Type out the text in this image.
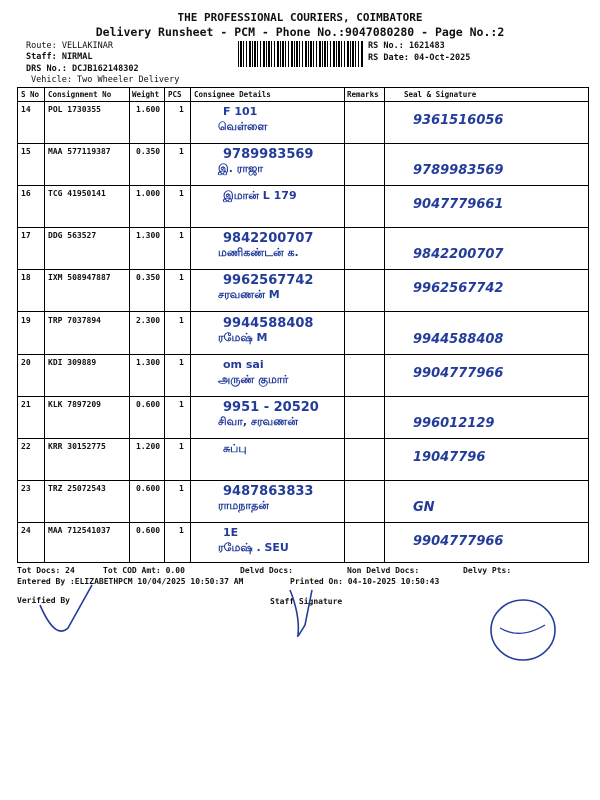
THE PROFESSIONAL COURIERS, COIMBATORE
Delivery Runsheet - PCM - Phone No.:9047080280 - Page No.:2
Route: VELLAKINAR
Staff: NIRMAL
DRS No.: DCJB162148302
Vehicle: Two Wheeler Delivery
RS No.: 1621483
RS Date: 04-Oct-2025
S No Consignment No	Weight PCS Consignee Details	Remarks	Seal & Signature
14 POL 1730355	1.600 1	F 101
வெள்ளை	9361516056
15 MAA 577119387	0.350 1	9789983569
இ. ராஜா	9789983569
16 TCG 41950141	1.000 1	இமான் L 179
9047779661
17 DDG 563527	1.300 1	9842200707
மணிகண்டன் க.	9842200707
18 IXM 508947887	0.350 1	9962567742
சரவணன் M	9962567742
19 TRP 7037894	2.300 1	9944588408
ரமேஷ் M	9944588408
20 KDI 309889	1.300 1	om sai
அருண் குமார்	9904777966
21 KLK 7897209	0.600 1	9951 - 20520
சிவா, சரவணன்	996012129
22 KRR 30152775	1.200 1	சுப்பு
19047796
23 TRZ 25072543	0.600 1	9487863833
ராமநாதன்	GN
24 MAA 712541037	0.600 1	1E
ரமேஷ் . SEU	9904777966
Tot Docs: 24	Tot COD Amt: 0.00	Delvd Docs:	Non Delvd Docs:	Delvy Pts:
Entered By :ELIZABETHPCM 10/04/2025 10:50:37 AM	Printed On: 04-10-2025 10:50:43
Verified By	Staff Signature
